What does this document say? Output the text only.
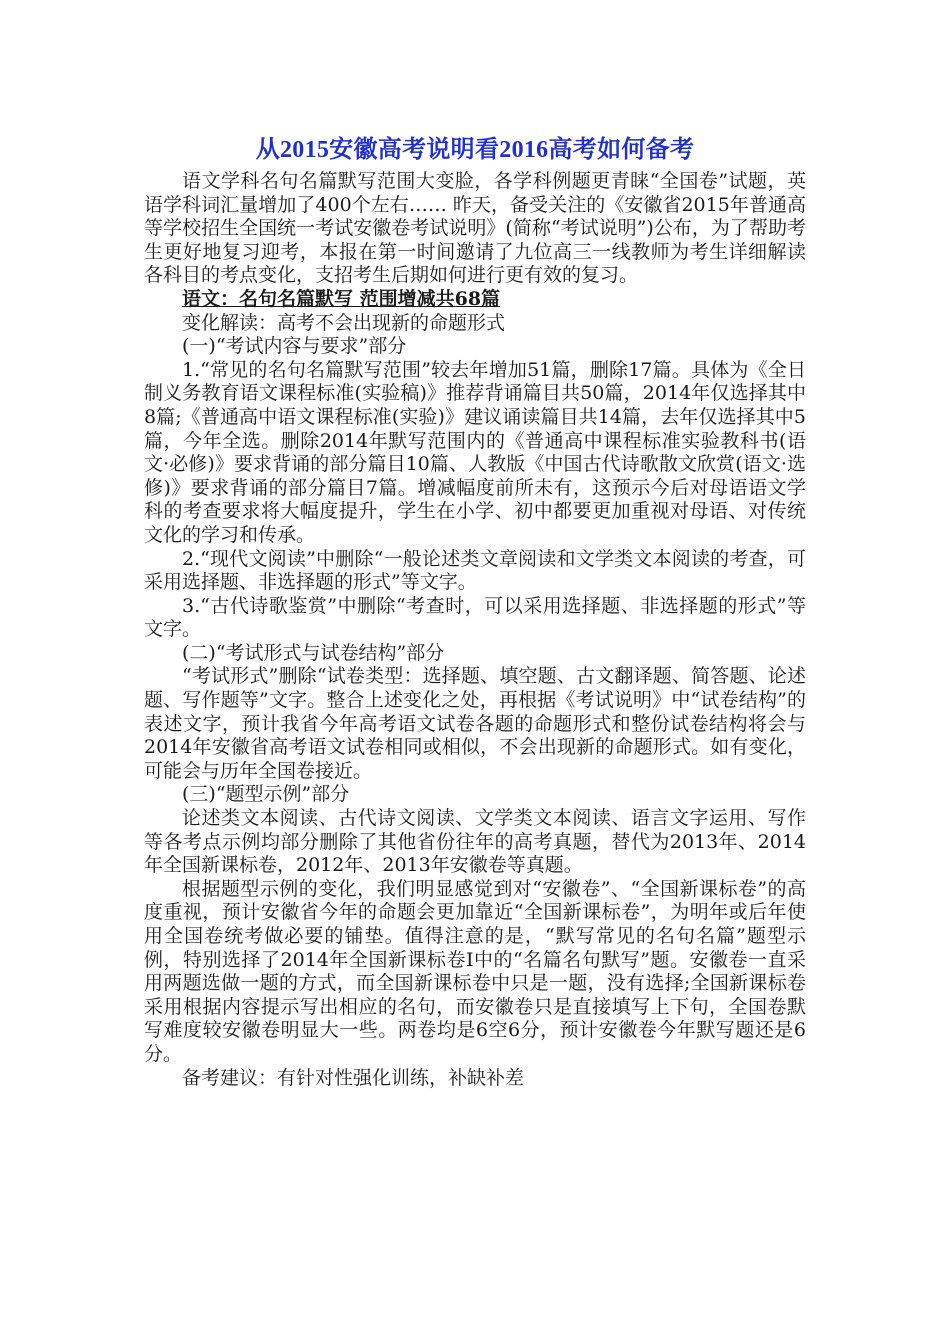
从2015安徽高考说明看2016高考如何备考

语文学科名句名篇默写范围大变脸，各学科例题更青睐“全国卷”试题，英语学科词汇量增加了400个左右…… 昨天，备受关注的《安徽省2015年普通高等学校招生全国统一考试安徽卷考试说明》(简称“考试说明”)公布，为了帮助考生更好地复习迎考，本报在第一时间邀请了九位高三一线教师为考生详细解读各科目的考点变化，支招考生后期如何进行更有效的复习。

语文：名句名篇默写 范围增减共68篇

变化解读：高考不会出现新的命题形式

(一)“考试内容与要求”部分

1.“常见的名句名篇默写范围”较去年增加51篇，删除17篇。具体为《全日制义务教育语文课程标准(实验稿)》推荐背诵篇目共50篇，2014年仅选择其中8篇;《普通高中语文课程标准(实验)》建议诵读篇目共14篇，去年仅选择其中5篇，今年全选。删除2014年默写范围内的《普通高中课程标准实验教科书(语文·必修)》要求背诵的部分篇目10篇、人教版《中国古代诗歌散文欣赏(语文·选修)》要求背诵的部分篇目7篇。增减幅度前所未有，这预示今后对母语语文学科的考查要求将大幅度提升，学生在小学、初中都要更加重视对母语、对传统文化的学习和传承。

2.“现代文阅读”中删除“一般论述类文章阅读和文学类文本阅读的考查，可采用选择题、非选择题的形式”等文字。

3.“古代诗歌鉴赏”中删除“考查时，可以采用选择题、非选择题的形式”等文字。

(二)“考试形式与试卷结构”部分

“考试形式”删除“试卷类型：选择题、填空题、古文翻译题、简答题、论述题、写作题等”文字。整合上述变化之处，再根据《考试说明》中“试卷结构”的表述文字，预计我省今年高考语文试卷各题的命题形式和整份试卷结构将会与2014年安徽省高考语文试卷相同或相似，不会出现新的命题形式。如有变化，可能会与历年全国卷接近。

(三)“题型示例”部分

论述类文本阅读、古代诗文阅读、文学类文本阅读、语言文字运用、写作等各考点示例均部分删除了其他省份往年的高考真题，替代为2013年、2014年全国新课标卷，2012年、2013年安徽卷等真题。

根据题型示例的变化，我们明显感觉到对“安徽卷”、“全国新课标卷”的高度重视，预计安徽省今年的命题会更加靠近“全国新课标卷”，为明年或后年使用全国卷统考做必要的铺垫。值得注意的是，“默写常见的名句名篇”题型示例，特别选择了2014年全国新课标卷Ⅰ中的“名篇名句默写”题。安徽卷一直采用两题选做一题的方式，而全国新课标卷中只是一题，没有选择;全国新课标卷采用根据内容提示写出相应的名句，而安徽卷只是直接填写上下句，全国卷默写难度较安徽卷明显大一些。两卷均是6空6分，预计安徽卷今年默写题还是6分。

备考建议：有针对性强化训练，补缺补差
